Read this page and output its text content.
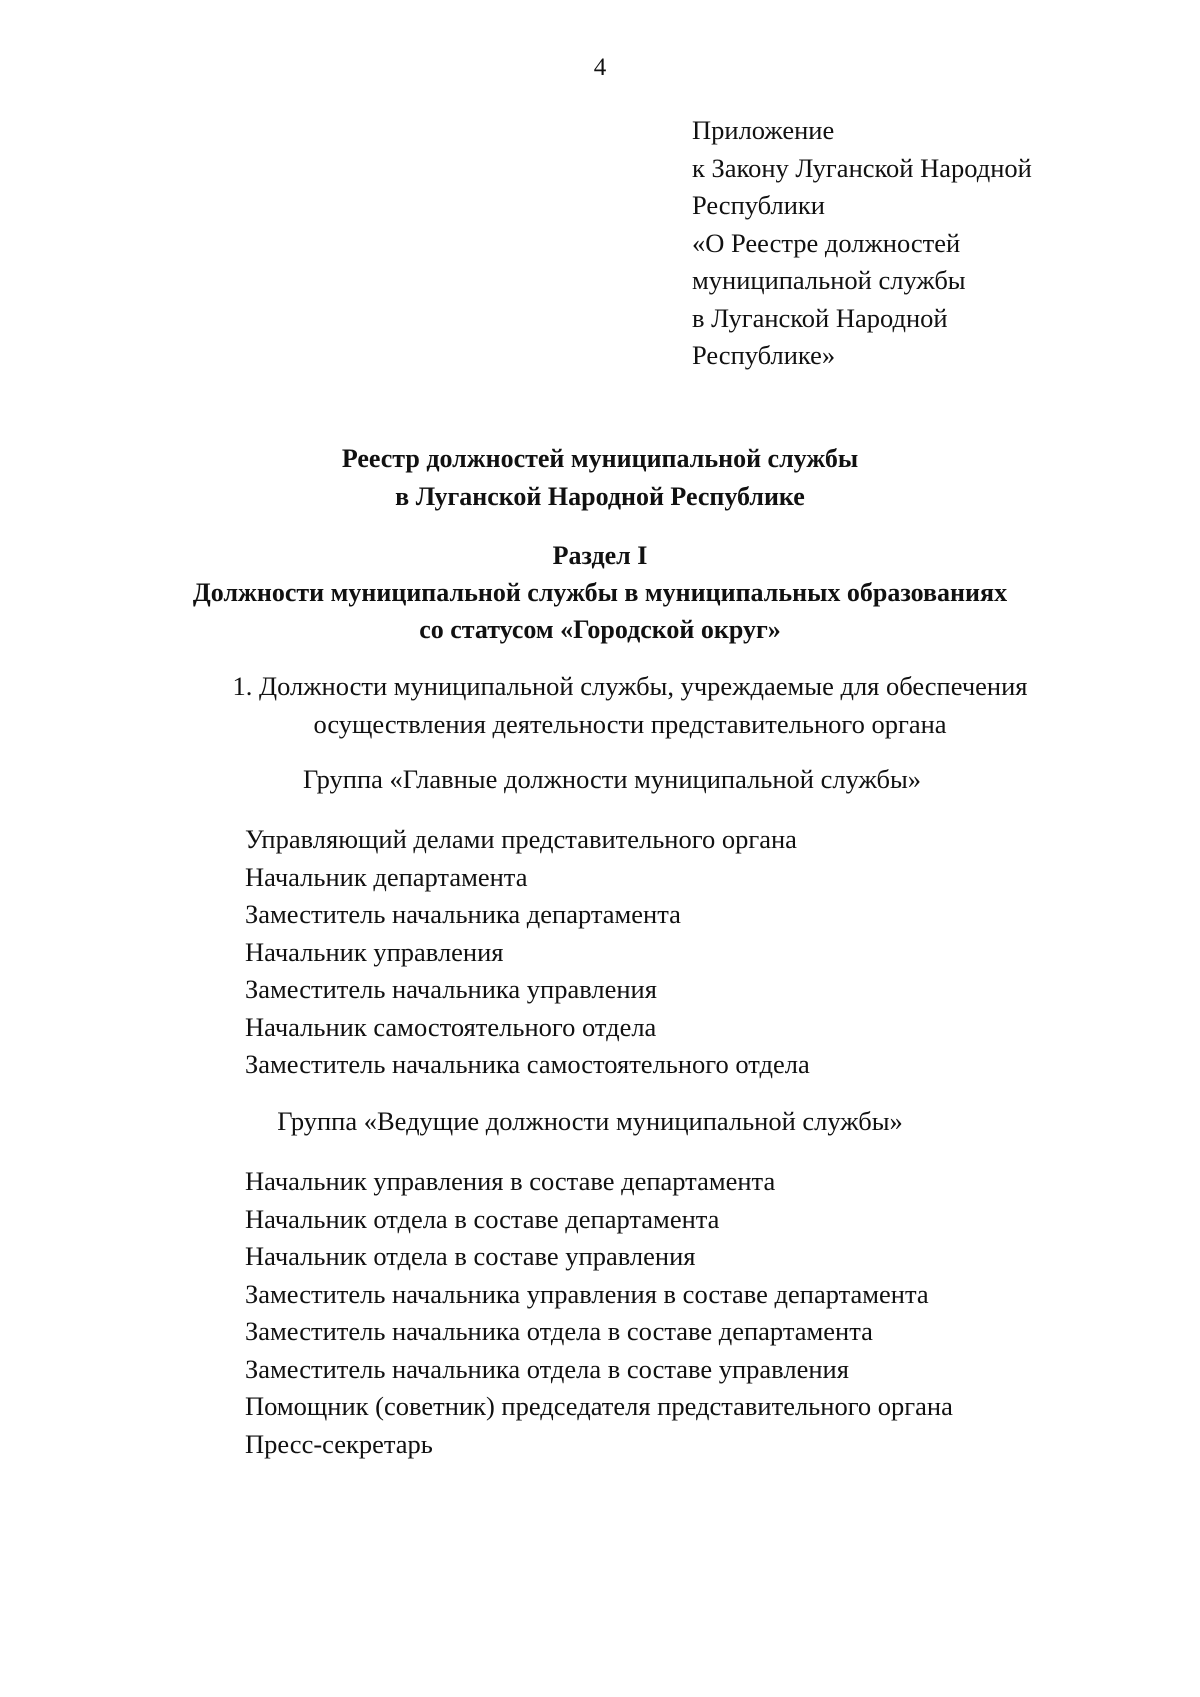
4
Приложение
к Закону Луганской Народной
Республики
«О Реестре должностей
муниципальной службы
в Луганской Народной
Республике»
Реестр должностей муниципальной службы
в Луганской Народной Республике
Раздел I
Должности муниципальной службы в муниципальных образованиях
со статусом «Городской округ»
1. Должности муниципальной службы, учреждаемые для обеспечения
осуществления деятельности представительного органа
Группа «Главные должности муниципальной службы»
Управляющий делами представительного органа
Начальник департамента
Заместитель начальника департамента
Начальник управления
Заместитель начальника управления
Начальник самостоятельного отдела
Заместитель начальника самостоятельного отдела
Группа «Ведущие должности муниципальной службы»
Начальник управления в составе департамента
Начальник отдела в составе департамента
Начальник отдела в составе управления
Заместитель начальника управления в составе департамента
Заместитель начальника отдела в составе департамента
Заместитель начальника отдела в составе управления
Помощник (советник) председателя представительного органа
Пресс-секретарь
